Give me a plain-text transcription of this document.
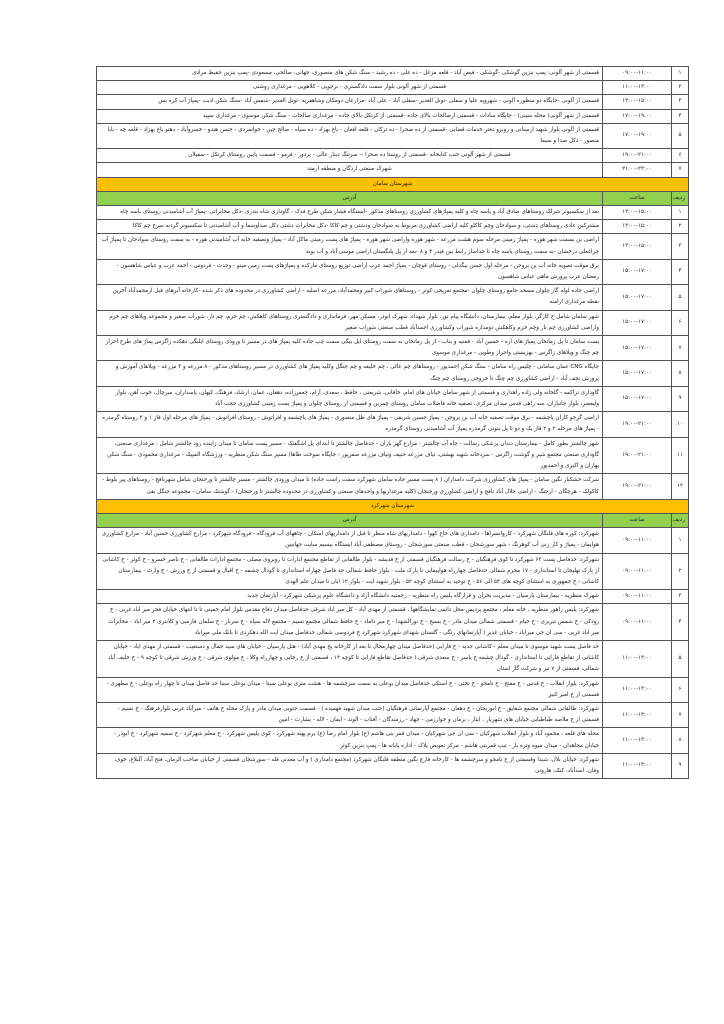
۱	۰۹:۰۰-۱۱:۰۰	قسمتی از شهر آلونی: پمپ بنزین گوشکی -گوشکی - فیض آباد - قلعه مزغل - ده علی - ده رشید - سنگ شکن های منصوری، جهانی، صالحی، مسعودی -پمپ بنزین حفیظ مرادی
۲	۱۱:۰۰-۱۳:۰۰	قسمتی از شهر آلونی بلوار سمت دادگستری - برجویی - کلاهویی - مرغداری روشنی
۳	۱۳:۰۰-۱۵:۰۰	قسمتی از آلونی -جایگاه دو منظوره آلونی - شهرویه علیا و سفلی -تونل الغدیر -سفلی آباد - علی آباد -مزارعان دومکان وشاهقریه -تونل الغدیر -شمس آباد -سنگ شکن ادیب -پمپاژ آب کره بس
۴	۱۷:۰۰-۱۹:۰۰	قسمتی از شهر آلونی( محله سیبی) - جایگاه سادات - قسمتی ازصالحات بالای جاده -قسمتی از کرتکل بالای جاده - مرغداری صالحات - سنگ شکن موسوی - مرغداری سپید
۵	۱۷:۰۰-۱۹:۰۰	قسمتی از آلونی بلوار شهید ارسنانی و روبرو دفتر خدمات قضایی -قسمتی از ده صحرا - ده ترکان - قلعه افغان - باغ بهزاد - ده سیاه - صالح چین - جوانمردی - حسن هندو - خسروآباد - دهنو باغ بهزاد - قلعه چه - بابا منصور - دکل صدا و سیما
۶	۱۹:۰۰-۲۱:۰۰	قسمتی از شهر آلونی جنب کتابخانه -قسمتی از روستا ده صحرا -- سرتنگ دینار عالی - بردور - فرمو - قسمت پایین روستای کرتکل - سفیلان
۷	۲۱:۰۰-۲۳:۰۰	شهرک صنعتی اردگان و منطقه ارمند
شهرستان سامان		
ردیف	ساعت	آدرس
۱	۱۳:۰۰-۱۵:۰۰	بعد از سکسیونر شرلک روستاهای صادق آباد و یاسه چاه و کلیه پمپاژهای کشاورزی روستاهای مذکور -ایستگاه فشار شکن طرح فدک - گاوداری شاه بندری -دکل مخابراتی -پمپاژ آب آشامیدنی روستای یاسه چاه
۲	۱۳:۰۰-۱۵:۰۰	مشترکین عادی روستاهای دشتی، و سوادجان وچم کاکلو کلیه اراضی کشاورزی مربوط به سوادجان ودشتی و چم کاکا -دکل مخابرات دشتی دکل صداوسما و آب آشامیدنی تا سکسیونر گردنه سرخ چم کاکا
۳	۱۳:۰۰-۱۵:۰۰	اراضی بن بسمت شهر هوره - پمپاژ زمینی مرحله سوم هشت مزرعه - شهر هوره واراضی شهر هوره - پمپاژ های پست زمینی ماکل آباد - پمپاژ وتصفیه خانه آب آشامیدنی هوره - به سمت روستای سوادجان تا پمپاژ آب چراغعلی درخشان -به سمت روستای یاسه چاه تا جداساز رابط بین فیدر ۴ و ۸ -بعد از پل پلنگستان اراضی موسی آباد و آب بونه
۴	۱۵:۰۰-۱۷:۰۰	برق موقت تصویه خانه آب بن بروجن - مرحله اول حسن بیگدلی - روستای قوچان - پمپاژ احمد عرب اراضی توزیع روستای مارکده و پمپاژهای پست زمین مینو - وحدت - فردوس - احمد عرب و عباس شاهسون - رمضان عرب پرورش ماهی عباس شاهسون
۵	۱۵:۰۰-۱۷:۰۰	اراضی جاده لوله گاز چلوان مسجد جامع روستای چلوان -مجتمع تفریحی کوثر - روستاهای شوراب کبیر ومحمدآباد، مزرعه اصلیه - اراضی کشاورزی در محدوده های ذکر شده -کارخانه آبرهای قبل ازمحمدآباد آخرین نقطه مرغداری ارامنه
۶	۱۵:۰۰-۱۷:۰۰	شهر سامان شامل خ کارگر، بلوار معلم، بیمارستان، دانشگاه پیام نور، بلوار شهداء، شهرک ابوذر، مسکن مهر، فرمانداری و دادگستری روستاهای کاهکش، چم خرم، چم نار، شوراب صغیر و مجموعه ویلاهای چم خرم واراضی کشاورزی چم نار وچم خرم وکاهکش دومداره شوراب وکشاورزی احمدآباد قطب صنعتی شوراب صغیر
۷	۱۵:۰۰-۱۷:۰۰	پست سامان تا پل زمانخان پمپاژ های اره - حسین آباد - قفنیه و بناب - از پل زمانخان به سمت روستای ایل بیگی سمت چپ جاده کلیه پمپاژ های در مسیر تا ورودی روستای ایلبگی دهکده زاگرس پماژ های طرح احراز چم چنگ و ویلاهای زاگرس - بهزیستی واحراز وطوبی - مرغداری موسوی
۸	۱۵:۰۰-۱۷:۰۰	جایگاه CNG عمان سامانی - چلیس راه سامان - سنگ شکن احمدپور - روستاهای چم عالی ، چم خلیفه و چم جنگل وکلیه پمپاژ های کشاورزی در مسیر روستاهای مذکور - ۸ مزرعه و ۴ مزرعه - ویلاهای آموزش و پرورش نجف آباد - اراضی کشاورزی چم چنگ تا خروجی روستای چم چنگ
۹	۱۵:۰۰-۱۷:۰۰	گاوداری تراکمه - گلخانه ولی زاده راهداری و قسمتی از شهر سامان خیابان های امام، خاقانی، شریعتی ، حافظ ، سعدی، آرام، جعفرزاده، دهقان، عمان، ارشاد، فرهنگ، کیهان، پاسداران، سرچال، خوب آهن، بلوار ولیعصر، بلوار جانبازان، سه راهی قدس میدان مرکزی، تصفیه خانه فاضلاب سامان روستای چمزین و قسمتی از روستای چلوان و پمپاژ پست زمینی کشاورزی حجت آباد
۱۰	۱۹:۰۰-۲۱:۰۰	اراضی گرجو کاران پاچشمه - برق موقت تصفیه خانه آب بن بروجن - پمپاژ حسین شریفی - پمپاژ های ظل منصوری - پمپاژ های پاچشمه و افراتوش - روستای افراتوش - پمپاژ های مرحله اول فاز ۱ و ۲ روستاه گرمدره - پمپاژ های مرحله ۲ و ۲ فاز یک و دو تا پل بتونی گرمدره پمپاژ آب آشامیدنی روستای گرمدره
۱۱	۱۹:۰۰-۲۱:۰۰	شهر چالشتر بطور کامل - بیمارستان دندان پزشکی رسالت - چاه آب چالشتر - مزارع گهر باران - حدفاصل چالشتر تا ابتدای پل اشگفتک - مسیر پست سامان تا میدان زاینده رود چالشتر شامل : مرغداری صنعتی، گاوداری صنعتی مجتمع شیر و گوشت زاگرس - سردخانه شهید بهشتی، تیاف مزرعه حنیف وتیاف مزرعه صفرپور - جایگاه سوخت طاها( مسیر سنگ شکن منظریه - ورزشگاه المپیک - مرغداری محمودی - سنگ شکن بهاران و اکبری و احمدپور
۱۲	۱۹:۰۰-۲۱:۰۰	شرکت خشکبار نگین سامان - پمپاژ های کشاورزی شرکت دامداران ( ۸ پست مسیر جاده سامان شهرکرد سمت راست جاده) تا میدان ورودی چالشتر - مسیر چالشتر تا ورجنجان شامل شهرنافچ - روستاهای پیر بلوط - کاکولک - هرچگان - ارجنگ - اراضی جلال آباد نافچ و اراضی کشاورزی ورجنجان (کلیه مرغداریها و واحدهای صنعتی و کشاورزی در محدوده چالشتر تا ورجنجان) - گوشتک سامان - مجموعه جنگل بقی
شهرستان شهرکرد		
ردیف	ساعت	آدرس
۱	۰۹:۰۰-۱۱:۰۰	شهرکرد: کوره های قلنگان شهرکرد - کاروانسراها - دامداری های حاج کهوا - دامداریهای شاه منظر تا قبل از دامداریهای اسکان - چاههای آب فرودگاه - فرودگاه شهرکرد - مزارع کشاورزی حسین آباد - مزارع کشاورزی هوایمان - پمپاژ و کار زنی آب کوهرنگ - شهر سورشجان - قطب صنعتی سورشجان - روستای مصطفی آباد ایستگاه بیسیم سایت جهانبین
۲	۰۹:۰۰-۱۱:۰۰	شهرکرد: حدفاصل پست ۶۳ شهرکرد تا کوی فرهنگیان - خ رسالت فرهنگیان قسمتی از خ قدیشه - بلوار طالقانی از تقاطع مجتمع ادارات تا روبروی مصلی - مجتمع ادارات طالقانی - خ ناصر خسرو - خ کوثر - خ کاشانی از پارک نهلیجان تا استانداری - ۱۷ محرم شمالی حدفاصل چهارراه هواپیمایی تا پارک ملت - بلوار حافظ شمالی حد فاصل چهاراه استانداری تا گودال چشمه - خ اقبال و قسمتی از خ ورزش - خ وارث - بیمارستان کاشانی - خ جمهوری به استثنای کوچه های ۵۴ الی ۵۶ - خ توحید به استثنای کوچه ۵۲ - بلوار شهید ایت - بلوار ۱۲ ابان تا میدان علم الهدی
۳	۰۹:۰۰-۱۱:۰۰	شهرک منظریه - بیمارستان پارسیان - مدیریت بحران و قرارگاه پلیس راه منظریه - رحمتیه دانشگاه آزاد و دانشگاه علوم پزشکی شهرکرد - آپارتمان جدید
۴	۰۹:۰۰-۱۱:۰۰	شهرکرد: پلیس راهور منظریه ، خانه معلم ، مجتمع پردیس محل دائمی نمایشگاهها ، قسمتی از مهدی آباد - کل میر اباد شرقی حدفاصل میدان دفاع مقدس بلوار امام خمینی تا تا انتهای خیابان فجر میر اباد غربی - خ رودکی - خ شمس تبریزی - خ خیام - قسمتی شمالی میدان مادر - خ بسیج - خ نورالشهدا - خ میر داماد - خ حافظ شمالی مجتمع نسیم - مجتمع لاله سپاه - خ سرباز - خ سلمان فارسی و کلانتری ۲ میر اباد - مخابرات میر اباد غربی - سی ان جی میراباد - خیابان غدیر ( آپارتمانهای رنگی - گلستان شهدای شهرکرد شهرکرد خ فردوسی شمالی حدفاصل میدان ایت الله دهکردی تا بانک ملی میراباد
۵	۱۱:۰۰-۱۳:۰۰	حد فاصل پست شهید موسوی تا میدان معلم - کاشانی جدید - خ فارابی (حدفاصل میدان چهارمحال تا بعد از کارخانه یخ مهدی آباد) - هتل پارسیان - خیابان های سید جمال و دستغیب - قسمتی از مهدی اباد - خیابان کاشانی از تقاطع فارابی تا استانداری - گودال چشمه خ یاسر - خ سعدی شرقی ( حدفاصل تقاطع فارابی تا کوچه ۱۴ ، قسمتی از خ رجایی و چهارراه وکلا ، خ مولوی شرقی - خ ورزش شرقی تا کوچه ۹ - خ خلیف آباد شمالی، قسمتی از ۷ تیر و شرکت گاز استان
۶	۱۱:۰۰-۱۳:۰۰	شهرکرد: بلوار انقلاب - خ قدس - خ مفتح - خ نامجو - خ تختی - خ استکی حدفاصل میدان بوعلی به سمت سرچشمه ها - هشت متری بوعلی سینا - میدان بوعلی سینا حد فاصل میدان تا چهار راه بوعلی - خ مطهری - قسمتی از خ امیر کبیر
۷	۱۱:۰۰-۱۳:۰۰	شهرکرد: طالقانی شمالی مجتمع شقایق - خ ابوریحان - خ دهقان - مجتمع آپارتمانی فرهنگیان (جنب میدان شهید فهمیده ) - قسمت جنوبی میدان مادر و پارک محله خ هاتف - میرآباد غربی بلوارفرهنگ - خ نسیم - قسمتی از خ ملاصه طباطبایی خیابان های شهریار ، ایثار ، بزمان و خوارزمی - جهاد - رزمندگان - آفتاب - الوند - ایمان - لاله - بشارت - امین
۸	۱۱:۰۰-۱۳:۰۰	محله های قلعه ، محمود آباد و بلوار انقلاب شهرکیان - سی ان جی شهرکیان - میدان قمر بنی هاشم (ع) بلوار امام رضا (ع) برم پهنه شهرکرد - کوی پلیس شهرکرد - خ معلم شهرکرد - خ سمیه شهرکرد - خ ابوذر - خیابان مجاهدان - میدان میوه وتره بار - تیپ قمربنی هاشم - مرکز تعویض پلاک - اداره پایانه ها - پمپ بنزین کوثر
۹	۱۱:۰۰-۱۳:۰۰	شهرکرد: خیابان بلال، شیدا وقسمتی از خ نامجو و سرچشمه ها - کارخانه قارچ نگین منطقه قلنگان شهرکرد (مجتمع دامداری ) و آب معدنی قله - سورشجان قسمتی از خیابان صاحب الزمان، فتح آباد، آلبلاغ، خوی، وفان، اسدآباد، کنک، هارونی
